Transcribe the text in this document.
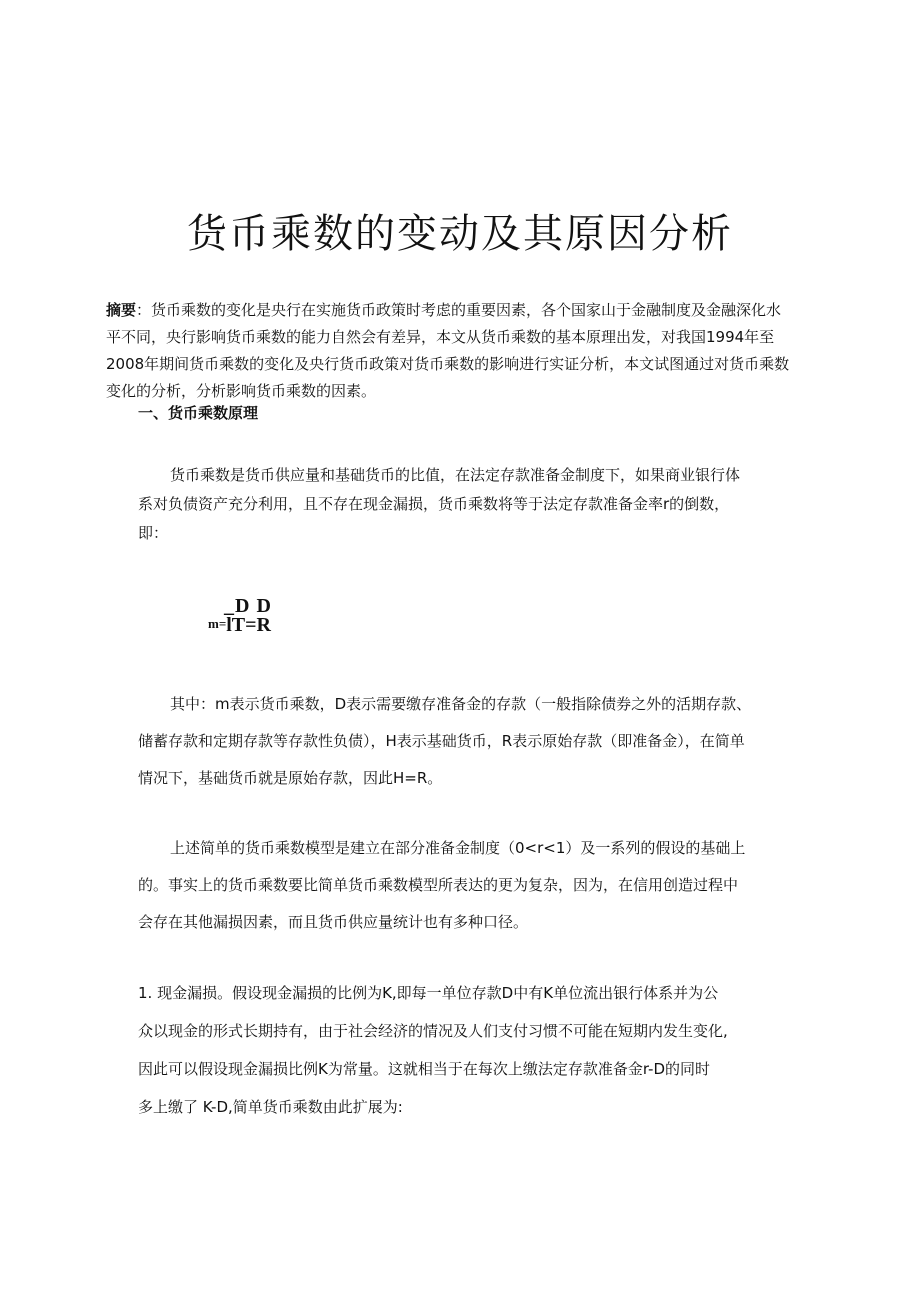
货币乘数的变动及其原因分析
摘要：货币乘数的变化是央行在实施货币政策时考虑的重要因素，各个国家山于金融制度及金融深化水
平不同，央行影响货币乘数的能力自然会有差异，本文从货币乘数的基本原理出发，对我国1994年至
2008年期间货币乘数的变化及央行货币政策对货币乘数的影响进行实证分析，本文试图通过对货币乘数
变化的分析，分析影响货币乘数的因素。
一、货币乘数原理
货币乘数是货币供应量和基础货币的比值，在法定存款准备金制度下，如果商业银行体
系对负债资产充分利用，且不存在现金漏损，货币乘数将等于法定存款准备金率r的倒数，
即：
_D D
m=lT=R
其中：m表示货币乘数，D表示需要缴存准备金的存款（一般指除债券之外的活期存款、
储蓄存款和定期存款等存款性负债），H表示基础货币，R表示原始存款（即准备金），在简单
情况下，基础货币就是原始存款，因此H=R。
上述简单的货币乘数模型是建立在部分准备金制度（0<r<1）及一系列的假设的基础上
的。事实上的货币乘数要比简单货币乘数模型所表达的更为复杂，因为，在信用创造过程中
会存在其他漏损因素，而且货币供应量统计也有多种口径。
1. 现金漏损。假设现金漏损的比例为K,即每一单位存款D中有K单位流出银行体系并为公
众以现金的形式长期持有，由于社会经济的情况及人们支付习惯不可能在短期内发生变化,
因此可以假设现金漏损比例K为常量。这就相当于在每次上缴法定存款准备金r-D的同时
多上缴了 K-D,简单货币乘数由此扩展为:
